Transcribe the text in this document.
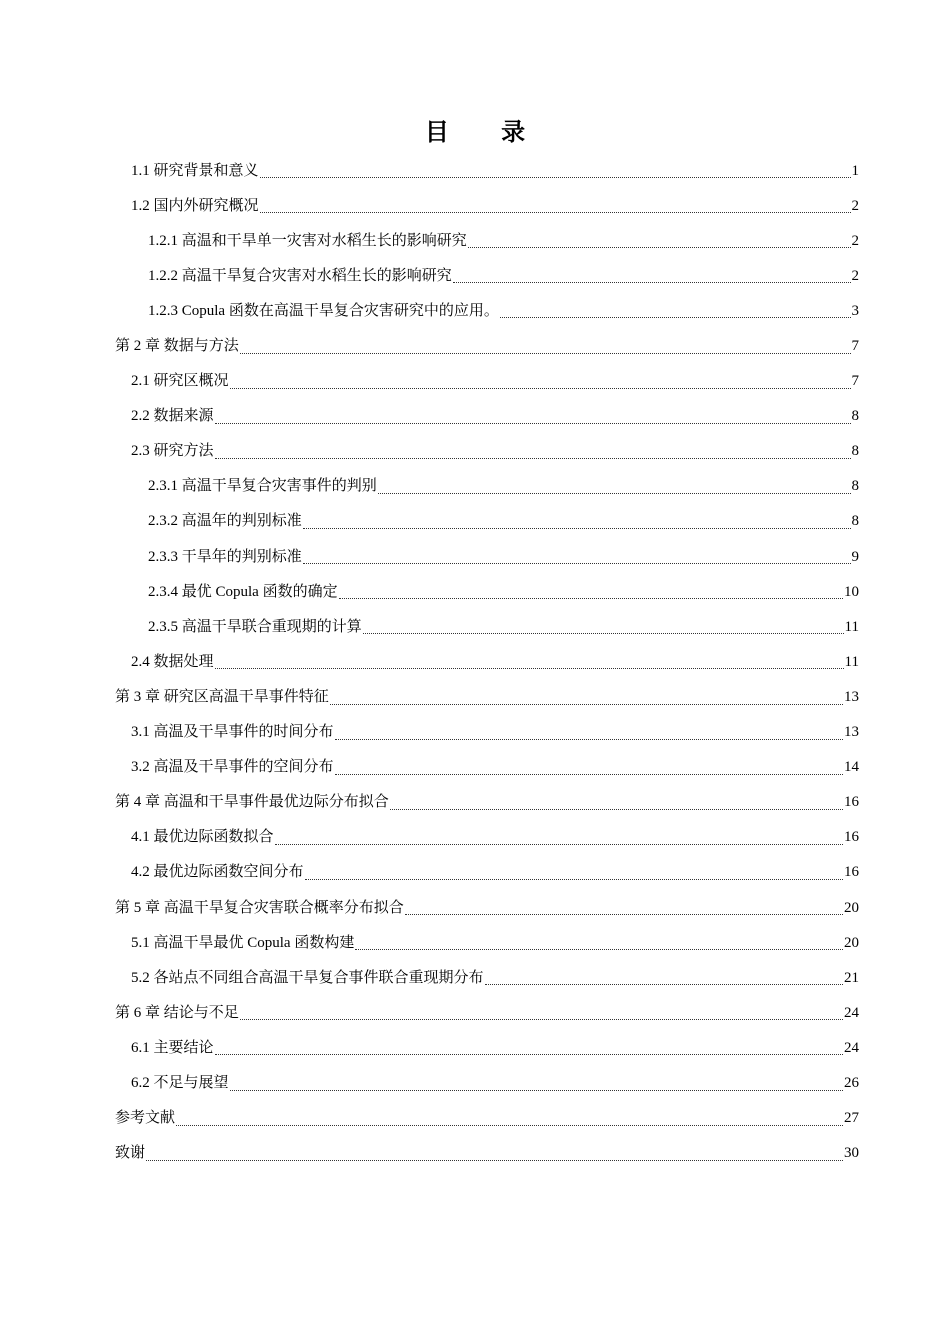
目 录
1.1 研究背景和意义	1
1.2 国内外研究概况	2
1.2.1 高温和干旱单一灾害对水稻生长的影响研究	2
1.2.2 高温干旱复合灾害对水稻生长的影响研究	2
1.2.3 Copula 函数在高温干旱复合灾害研究中的应用。	3
第 2 章 数据与方法	7
2.1 研究区概况	7
2.2 数据来源	8
2.3 研究方法	8
2.3.1 高温干旱复合灾害事件的判别	8
2.3.2 高温年的判别标准	8
2.3.3 干旱年的判别标准	9
2.3.4 最优 Copula 函数的确定	10
2.3.5 高温干旱联合重现期的计算	11
2.4 数据处理	11
第 3 章 研究区高温干旱事件特征	13
3.1 高温及干旱事件的时间分布	13
3.2 高温及干旱事件的空间分布	14
第 4 章 高温和干旱事件最优边际分布拟合	16
4.1 最优边际函数拟合	16
4.2 最优边际函数空间分布	16
第 5 章 高温干旱复合灾害联合概率分布拟合	20
5.1 高温干旱最优 Copula 函数构建	20
5.2 各站点不同组合高温干旱复合事件联合重现期分布	21
第 6 章 结论与不足	24
6.1 主要结论	24
6.2 不足与展望	26
参考文献	27
致谢	30
